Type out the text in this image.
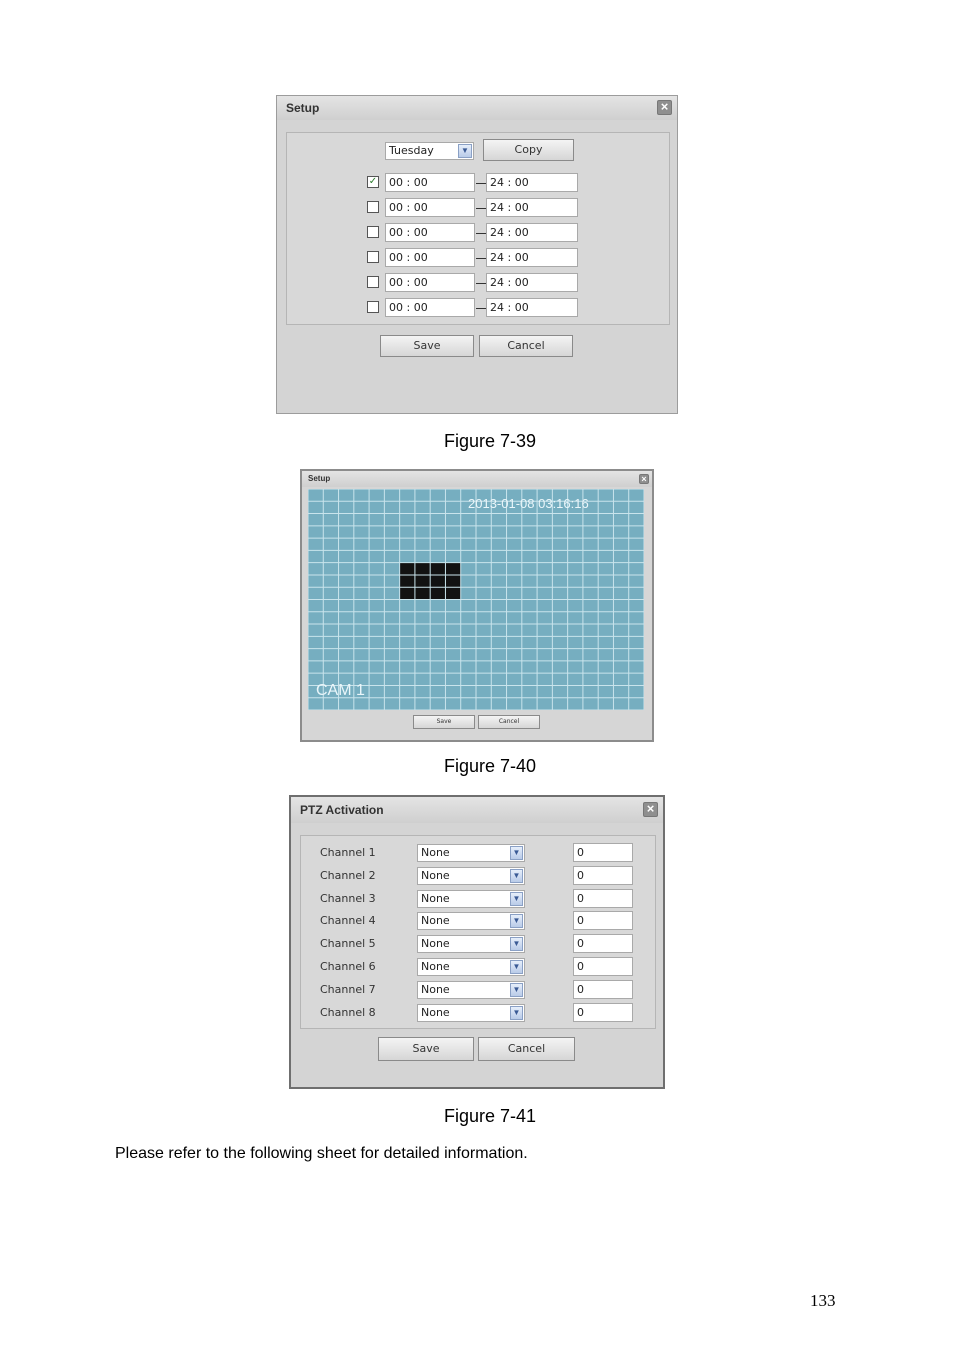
Setup	×
Tuesday	▼	Copy
Save	Cancel
✓	00 : 00	24 : 00
00 : 00	24 : 00
00 : 00	24 : 00
00 : 00	24 : 00
00 : 00	24 : 00
00 : 00	24 : 00
Figure 7-39
Setup	×
2013-01-08 03:16:16
CAM 1
Save	Cancel
Figure 7-40
PTZ Activation	×
Save	Cancel
Channel 1	None	▼	0
Channel 2	None	▼	0
Channel 3	None	▼	0
Channel 4	None	▼	0
Channel 5	None	▼	0
Channel 6	None	▼	0
Channel 7	None	▼	0
Channel 8	None	▼	0
Figure 7-41
Please refer to the following sheet for detailed information.
133
